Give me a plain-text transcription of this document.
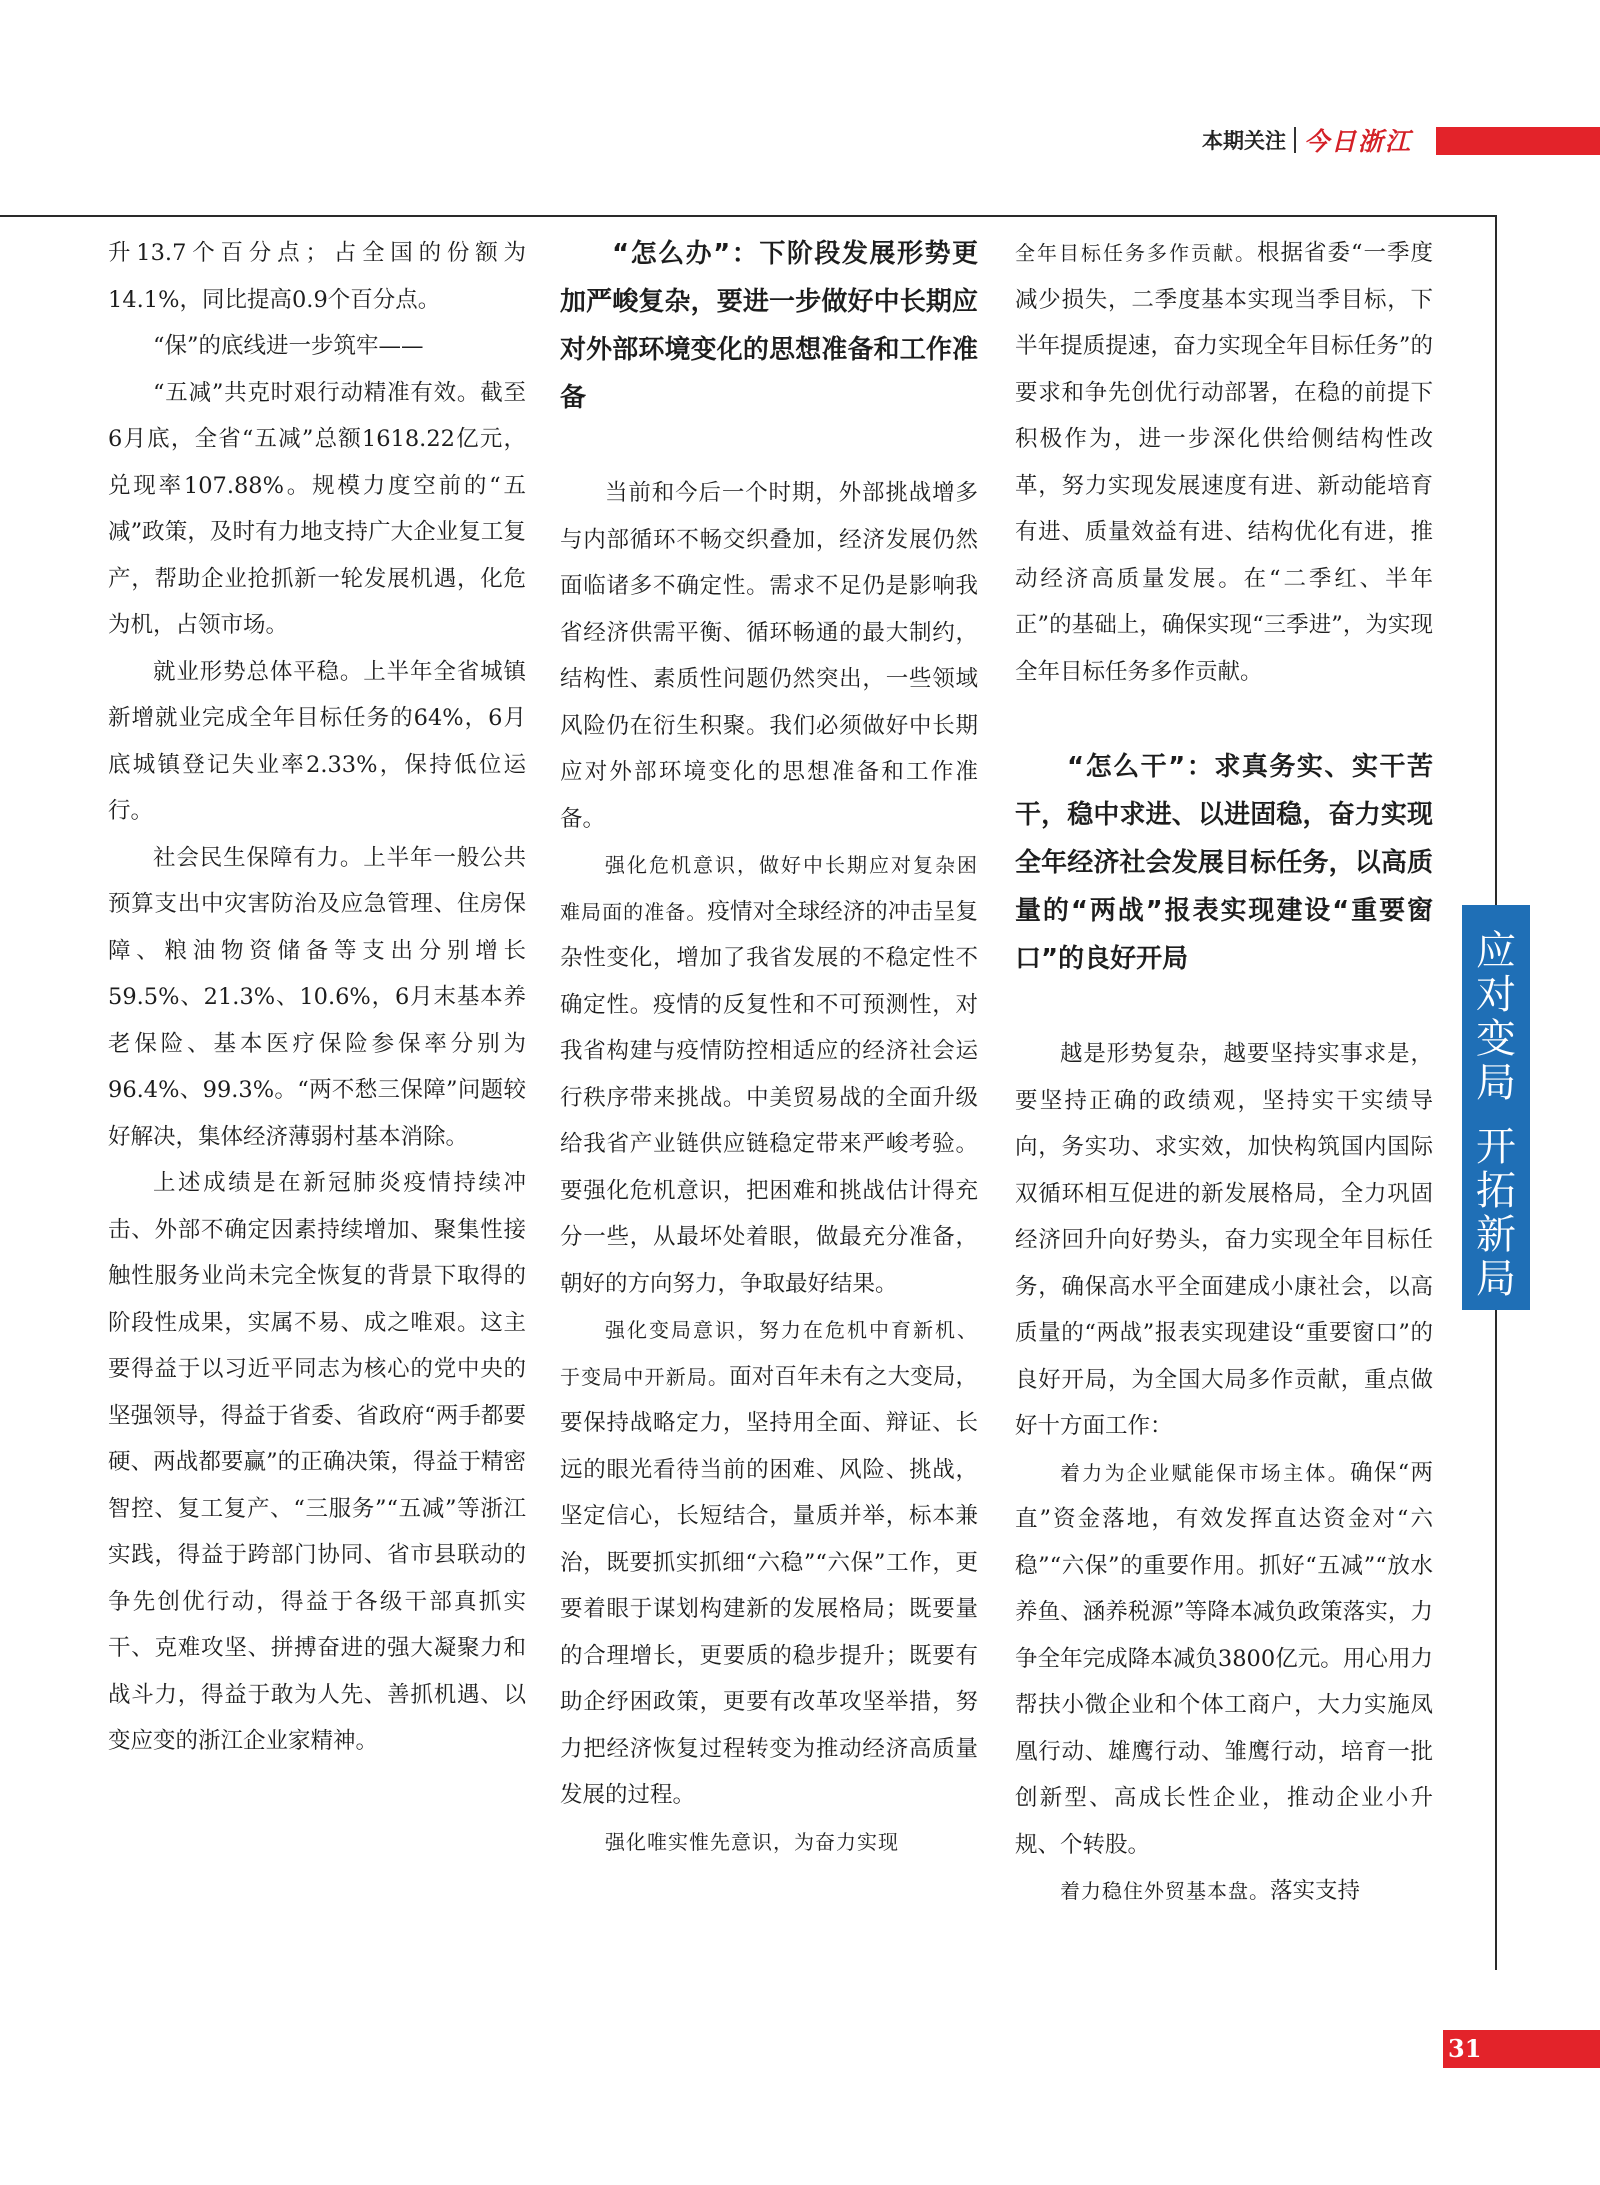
本期关注 今日浙江

升13.7个百分点；占全国的份额为14.1%，同比提高0.9个百分点。

“保”的底线进一步筑牢——

“五减”共克时艰行动精准有效。截至6月底，全省“五减”总额1618.22亿元，兑现率107.88%。规模力度空前的“五减”政策，及时有力地支持广大企业复工复产，帮助企业抢抓新一轮发展机遇，化危为机，占领市场。

就业形势总体平稳。上半年全省城镇新增就业完成全年目标任务的64%，6月底城镇登记失业率2.33%，保持低位运行。

社会民生保障有力。上半年一般公共预算支出中灾害防治及应急管理、住房保障、粮油物资储备等支出分别增长59.5%、21.3%、10.6%，6月末基本养老保险、基本医疗保险参保率分别为96.4%、99.3%。“两不愁三保障”问题较好解决，集体经济薄弱村基本消除。

上述成绩是在新冠肺炎疫情持续冲击、外部不确定因素持续增加、聚集性接触性服务业尚未完全恢复的背景下取得的阶段性成果，实属不易、成之唯艰。这主要得益于以习近平同志为核心的党中央的坚强领导，得益于省委、省政府“两手都要硬、两战都要赢”的正确决策，得益于精密智控、复工复产、“三服务”“五减”等浙江实践，得益于跨部门协同、省市县联动的争先创优行动，得益于各级干部真抓实干、克难攻坚、拼搏奋进的强大凝聚力和战斗力，得益于敢为人先、善抓机遇、以变应变的浙江企业家精神。

“怎么办”：下阶段发展形势更加严峻复杂，要进一步做好中长期应对外部环境变化的思想准备和工作准备

当前和今后一个时期，外部挑战增多与内部循环不畅交织叠加，经济发展仍然面临诸多不确定性。需求不足仍是影响我省经济供需平衡、循环畅通的最大制约，结构性、素质性问题仍然突出，一些领域风险仍在衍生积聚。我们必须做好中长期应对外部环境变化的思想准备和工作准备。

强化危机意识，做好中长期应对复杂困难局面的准备。疫情对全球经济的冲击呈复杂性变化，增加了我省发展的不稳定性不确定性。疫情的反复性和不可预测性，对我省构建与疫情防控相适应的经济社会运行秩序带来挑战。中美贸易战的全面升级给我省产业链供应链稳定带来严峻考验。要强化危机意识，把困难和挑战估计得充分一些，从最坏处着眼，做最充分准备，朝好的方向努力，争取最好结果。

强化变局意识，努力在危机中育新机、于变局中开新局。面对百年未有之大变局，要保持战略定力，坚持用全面、辩证、长远的眼光看待当前的困难、风险、挑战，坚定信心，长短结合，量质并举，标本兼治，既要抓实抓细“六稳”“六保”工作，更要着眼于谋划构建新的发展格局；既要量的合理增长，更要质的稳步提升；既要有助企纾困政策，更要有改革攻坚举措，努力把经济恢复过程转变为推动经济高质量发展的过程。

强化唯实惟先意识，为奋力实现

全年目标任务多作贡献。根据省委“一季度减少损失，二季度基本实现当季目标，下半年提质提速，奋力实现全年目标任务”的要求和争先创优行动部署，在稳的前提下积极作为，进一步深化供给侧结构性改革，努力实现发展速度有进、新动能培育有进、质量效益有进、结构优化有进，推动经济高质量发展。在“二季红、半年正”的基础上，确保实现“三季进”，为实现全年目标任务多作贡献。

“怎么干”：求真务实、实干苦干，稳中求进、以进固稳，奋力实现全年经济社会发展目标任务，以高质量的“两战”报表实现建设“重要窗口”的良好开局

越是形势复杂，越要坚持实事求是，要坚持正确的政绩观，坚持实干实绩导向，务实功、求实效，加快构筑国内国际双循环相互促进的新发展格局，全力巩固经济回升向好势头，奋力实现全年目标任务，确保高水平全面建成小康社会，以高质量的“两战”报表实现建设“重要窗口”的良好开局，为全国大局多作贡献，重点做好十方面工作：

着力为企业赋能保市场主体。确保“两直”资金落地，有效发挥直达资金对“六稳”“六保”的重要作用。抓好“五减”“放水养鱼、涵养税源”等降本减负政策落实，力争全年完成降本减负3800亿元。用心用力帮扶小微企业和个体工商户，大力实施凤凰行动、雄鹰行动、雏鹰行动，培育一批创新型、高成长性企业，推动企业小升规、个转股。

着力稳住外贸基本盘。落实支持

应
对
变
局
开
拓
新
局
31
